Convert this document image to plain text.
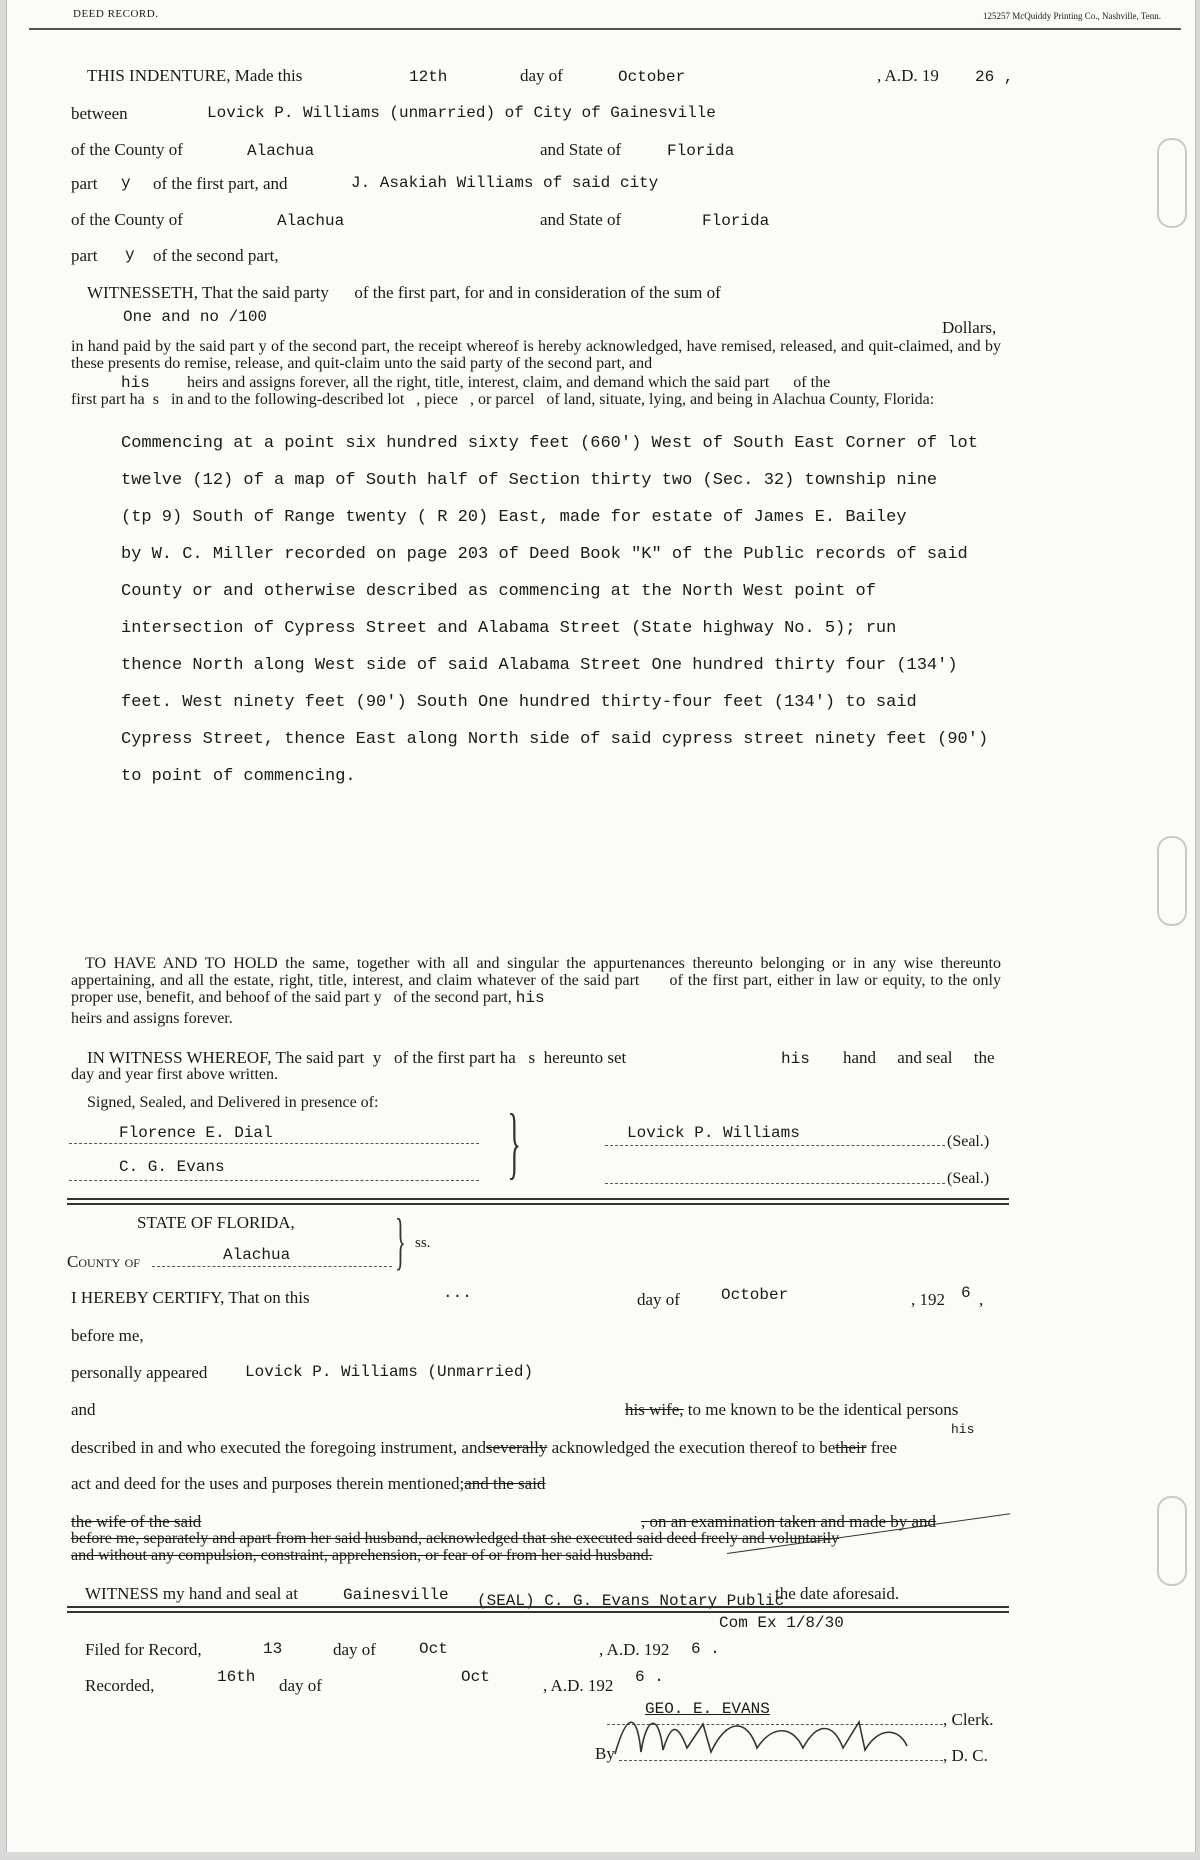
DEED RECORD.	125257 McQuiddy Printing Co., Nashville, Tenn.
THIS INDENTURE, Made this	12th	day of	October	, A.D. 19 26 ,
between	Lovick P. Williams (unmarried) of City of Gainesville
of the County of	Alachua	and State of	Florida
part y of the first part, and	J. Asakiah Williams of said city
of the County of	Alachua	and State of	Florida
part y of the second part,
WITNESSETH, That the said party      of the first part, for and in consideration of the sum of
One and no /100
Dollars,
in hand paid by the said part y of the second part, the receipt whereof is hereby acknowledged, have remised, released, and quit-claimed, and by these presents do remise, release, and quit-claim unto the said party of the second part, and
his heirs and assigns forever, all the right, title, interest, claim, and demand which the said part      of the
first part ha  s   in and to the following-described lot   , piece   , or parcel   of land, situate, lying, and being in Alachua County, Florida:
Commencing at a point six hundred sixty feet (660') West of South East Corner of lot
twelve (12) of a map of South half of Section thirty two (Sec. 32) township nine
(tp 9) South of Range twenty ( R 20) East, made for estate of James E. Bailey
by W. C. Miller recorded on page 203 of Deed Book "K" of the Public records of said
County or and otherwise described as commencing at the North West point of
intersection of Cypress Street and Alabama Street (State highway No. 5); run
thence North along West side of said Alabama Street One hundred thirty four (134')
feet. West ninety feet (90') South One hundred thirty-four feet (134') to said
Cypress Street, thence East along North side of said cypress street ninety feet (90')
to point of commencing.
TO HAVE AND TO HOLD the same, together with all and singular the appurtenances thereunto belonging or in any wise thereunto appertaining, and all the estate, right, title, interest, and claim whatever of the said part      of the first part, either in law or equity, to the only proper use, benefit, and behoof of the said part y   of the second part, his
heirs and assigns forever.
IN WITNESS WHEREOF, The said part  y   of the first part ha   s  hereunto set	his hand     and seal     the
day and year first above written.
Signed, Sealed, and Delivered in presence of:
Florence E. Dial
C. G. Evans	}	Lovick P. Williams	(Seal.)
(Seal.)
STATE OF FLORIDA,
County of	Alachua } ss.
I HEREBY CERTIFY, That on this	...	day of	October	, 192 6 ,
before me,
personally appeared Lovick P. Williams (Unmarried)
and	his wife, to me known to be the identical persons
described in and who executed the foregoing instrument, andseverally acknowledged the execution thereof to betheir free
his
act and deed for the uses and purposes therein mentioned;and the said
the wife of the said	, on an examination taken and made by and
before me, separately and apart from her said husband, acknowledged that she executed said deed freely and voluntarily
and without any compulsion, constraint, apprehension, or fear of or from her said husband.
WITNESS my hand and seal at	Gainesville (SEAL) C. G. Evans Notary Public
the date aforesaid.
Com Ex 1/8/30
Filed for Record,	13	day of	Oct	, A.D. 192 6 .
Recorded,	16th day of	Oct	, A.D. 192 6 .
GEO. E. EVANS
, Clerk.
By	, D. C.
